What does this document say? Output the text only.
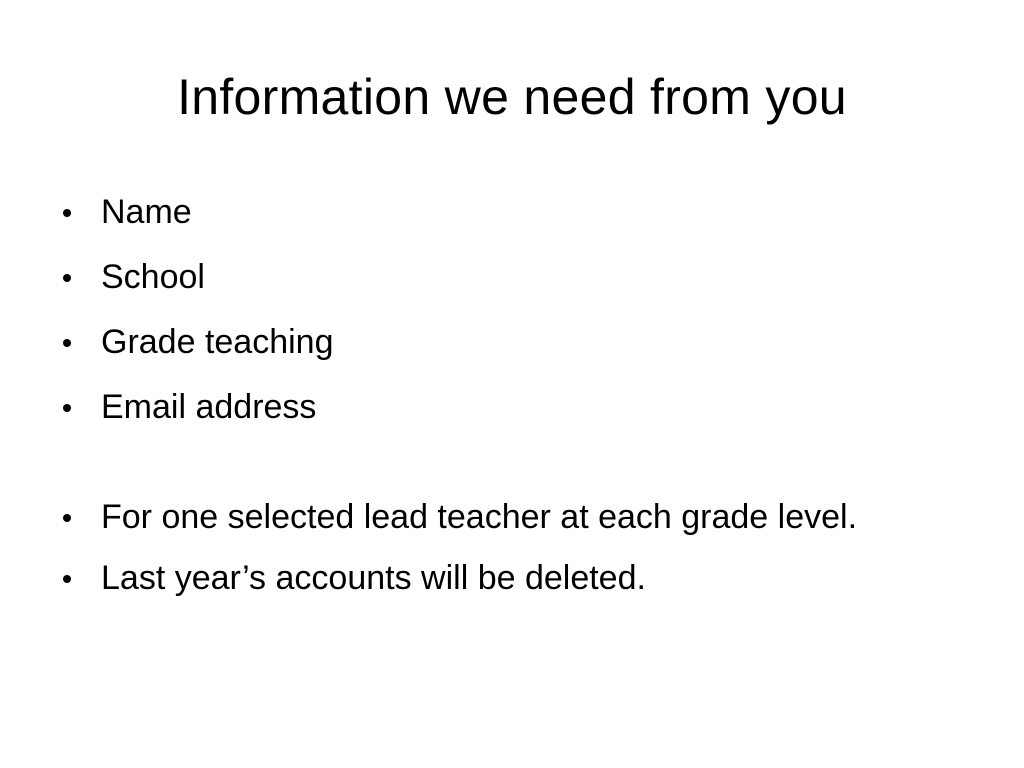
Information we need from you
Name
School
Grade teaching
Email address
For one selected lead teacher at each grade level.
Last year’s accounts will be deleted.
